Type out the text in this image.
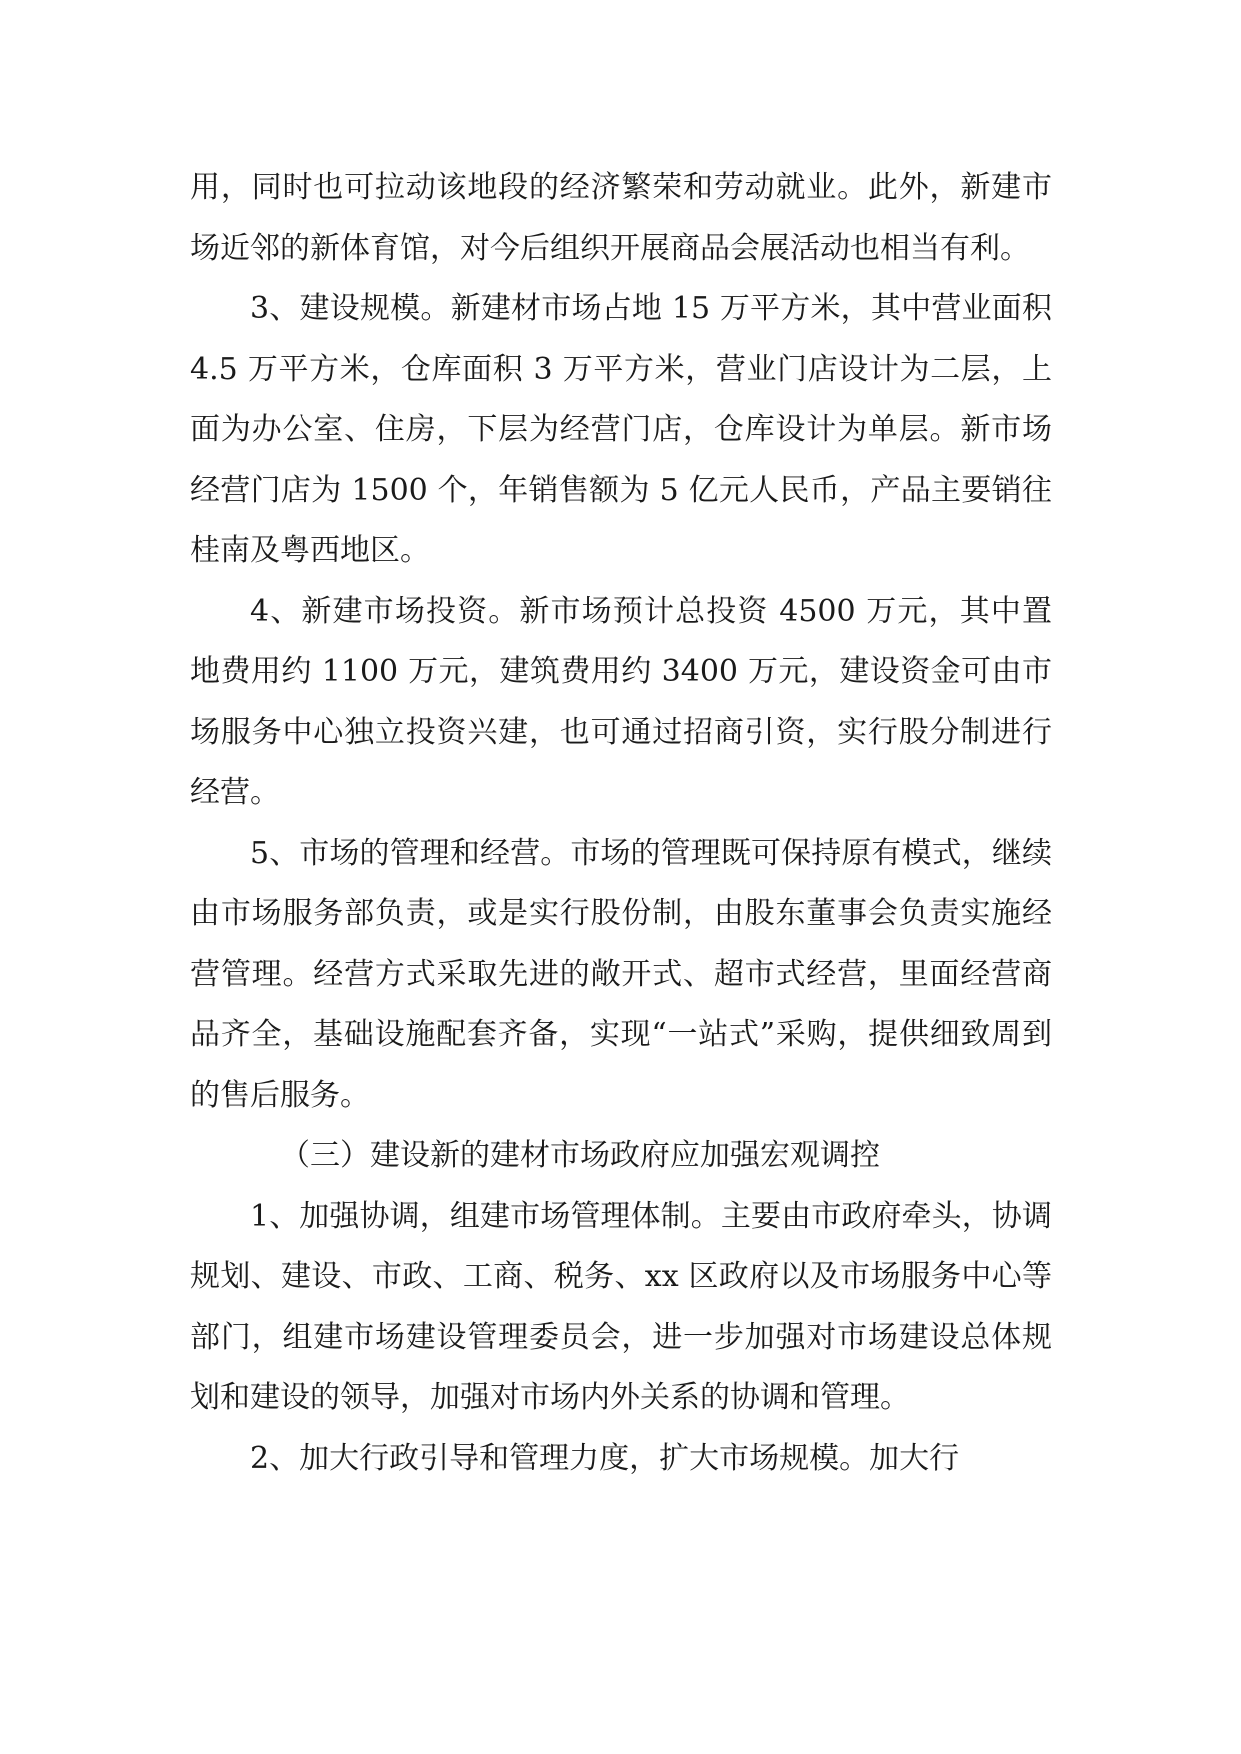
用，同时也可拉动该地段的经济繁荣和劳动就业。此外，新建市场近邻的新体育馆，对今后组织开展商品会展活动也相当有利。

3、建设规模。新建材市场占地 15 万平方米，其中营业面积 4.5 万平方米，仓库面积 3 万平方米，营业门店设计为二层，上面为办公室、住房，下层为经营门店，仓库设计为单层。新市场经营门店为 1500 个，年销售额为 5 亿元人民币，产品主要销往桂南及粤西地区。

4、新建市场投资。新市场预计总投资 4500 万元，其中置地费用约 1100 万元，建筑费用约 3400 万元，建设资金可由市场服务中心独立投资兴建，也可通过招商引资，实行股分制进行经营。

5、市场的管理和经营。市场的管理既可保持原有模式，继续由市场服务部负责，或是实行股份制，由股东董事会负责实施经营管理。经营方式采取先进的敞开式、超市式经营，里面经营商品齐全，基础设施配套齐备，实现“一站式”采购，提供细致周到的售后服务。

（三）建设新的建材市场政府应加强宏观调控

1、加强协调，组建市场管理体制。主要由市政府牵头，协调规划、建设、市政、工商、税务、xx 区政府以及市场服务中心等部门，组建市场建设管理委员会，进一步加强对市场建设总体规划和建设的领导，加强对市场内外关系的协调和管理。

2、加大行政引导和管理力度，扩大市场规模。加大行
